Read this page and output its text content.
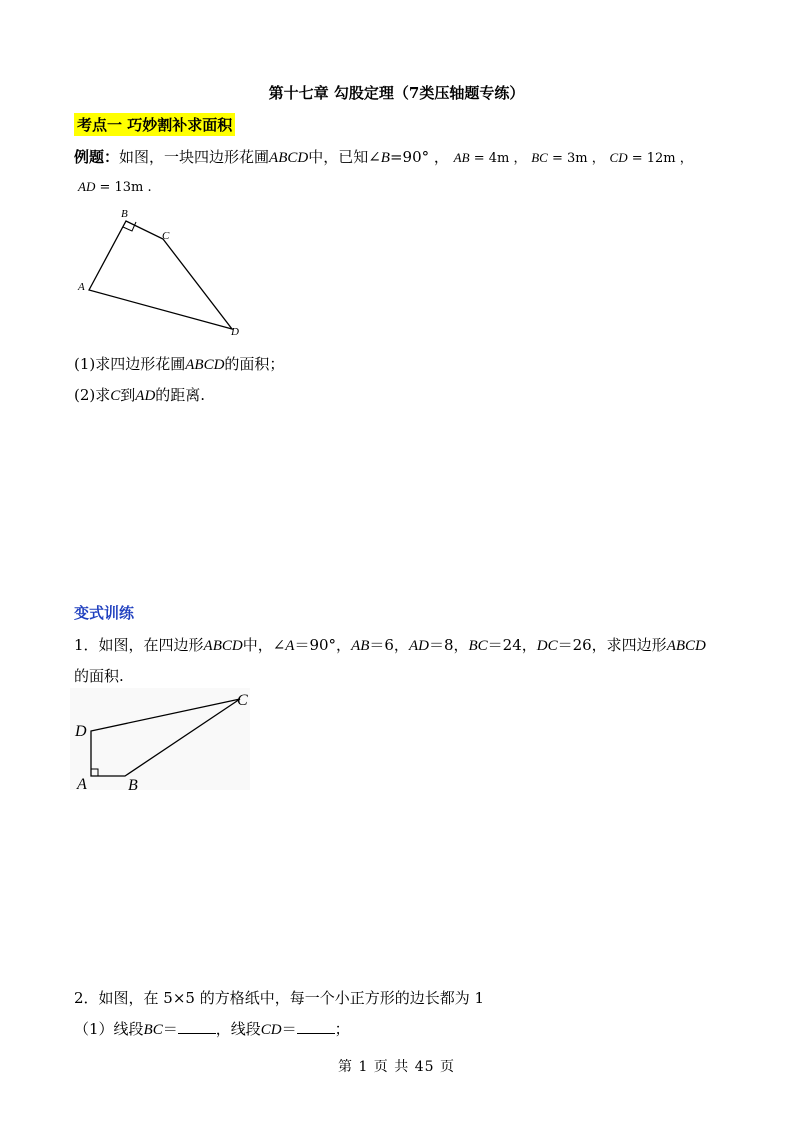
第十七章 勾股定理（7类压轴题专练）
考点一 巧妙割补求面积
例题：如图，一块四边形花圃ABCD中，已知∠B=90° ， AB = 4m ， BC = 3m ， CD = 12m ，
AD = 13m .
A
B
C
D
(1)求四边形花圃ABCD的面积；
(2)求C到AD的距离.
变式训练
1．如图，在四边形ABCD中，∠A＝90°，AB＝6，AD＝8，BC＝24，DC＝26，求四边形ABCD
的面积.
D
A	B
C
2．如图，在 5×5 的方格纸中，每一个小正方形的边长都为 1
（1）线段BC＝	，线段CD＝	；
第 1 页 共 45 页
